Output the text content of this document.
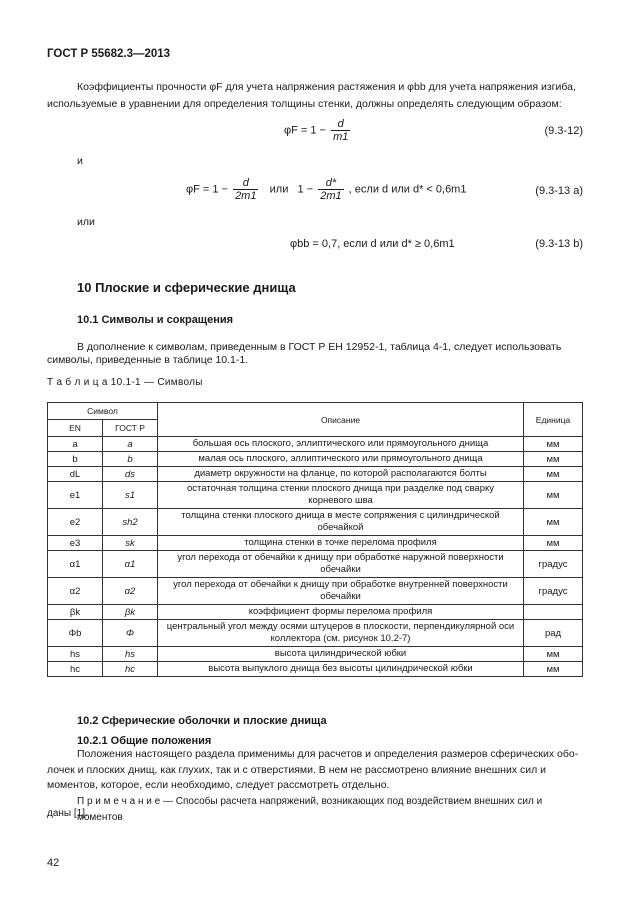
ГОСТ Р 55682.3—2013
Коэффициенты прочности φF для учета напряжения растяжения и φbb для учета напряжения изгиба,
используемые в уравнении для определения толщины стенки, должны определять следующим образом:
$\varphi F = 1 - \frac{d}{m1}$	(9.3-12)
и
$\varphi F = 1 - \frac{d}{2m1}$ или $1 - \frac{d*}{2m1}$ , если d или d* < 0,6m1	(9.3-13 а)
или
φbb = 0,7, если d или d* ≥ 0,6m1	(9.3-13 b)
10 Плоские и сферические днища
10.1 Символы и сокращения
В дополнение к символам, приведенным в ГОСТ Р ЕН 12952-1, таблица 4-1, следует использовать
символы, приведенные в таблице 10.1-1.
Т а б л и ц а 10.1-1 — Символы
Символ		Описание	Единица
EN	ГОСТ Р		
a	a	большая ось плоского, эллиптического или прямоугольного днища	мм
b	b	малая ось плоского, эллиптического или прямоугольного днища	мм
dL	ds	диаметр окружности на фланце, по которой располагаются болты	мм
e1	s1	остаточная толщина стенки плоского днища при разделке под сварку корневого шва	мм
e2	sh2	толщина стенки плоского днища в месте сопряжения с цилиндрической обечайкой	мм
e3	sk	толщина стенки в точке перелома профиля	мм
α1	α1	угол перехода от обечайки к днищу при обработке наружной поверхности обечайки	градус
α2	α2	угол перехода от обечайки к днищу при обработке внутренней поверхности обечайки	градус
βk	βk	коэффициент формы перелома профиля	
Φb	Φ	центральный угол между осями штуцеров в плоскости, перпендикулярной оси коллектора (см. рисунок 10.2-7)	рад
hs	hs	высота цилиндрической юбки	мм
hc	hc	высота выпуклого днища без высоты цилиндрической юбки	мм
10.2 Сферические оболочки и плоские днища
10.2.1 Общие положения
Положения настоящего раздела применимы для расчетов и определения размеров сферических обо-
лочек и плоских днищ, как глухих, так и с отверстиями. В нем не рассмотрено влияние внешних сил и
моментов, которое, если необходимо, следует рассмотреть отдельно.
П р и м е ч а н и е — Способы расчета напряжений, возникающих под воздействием внешних сил и моментов
даны [1].
42
